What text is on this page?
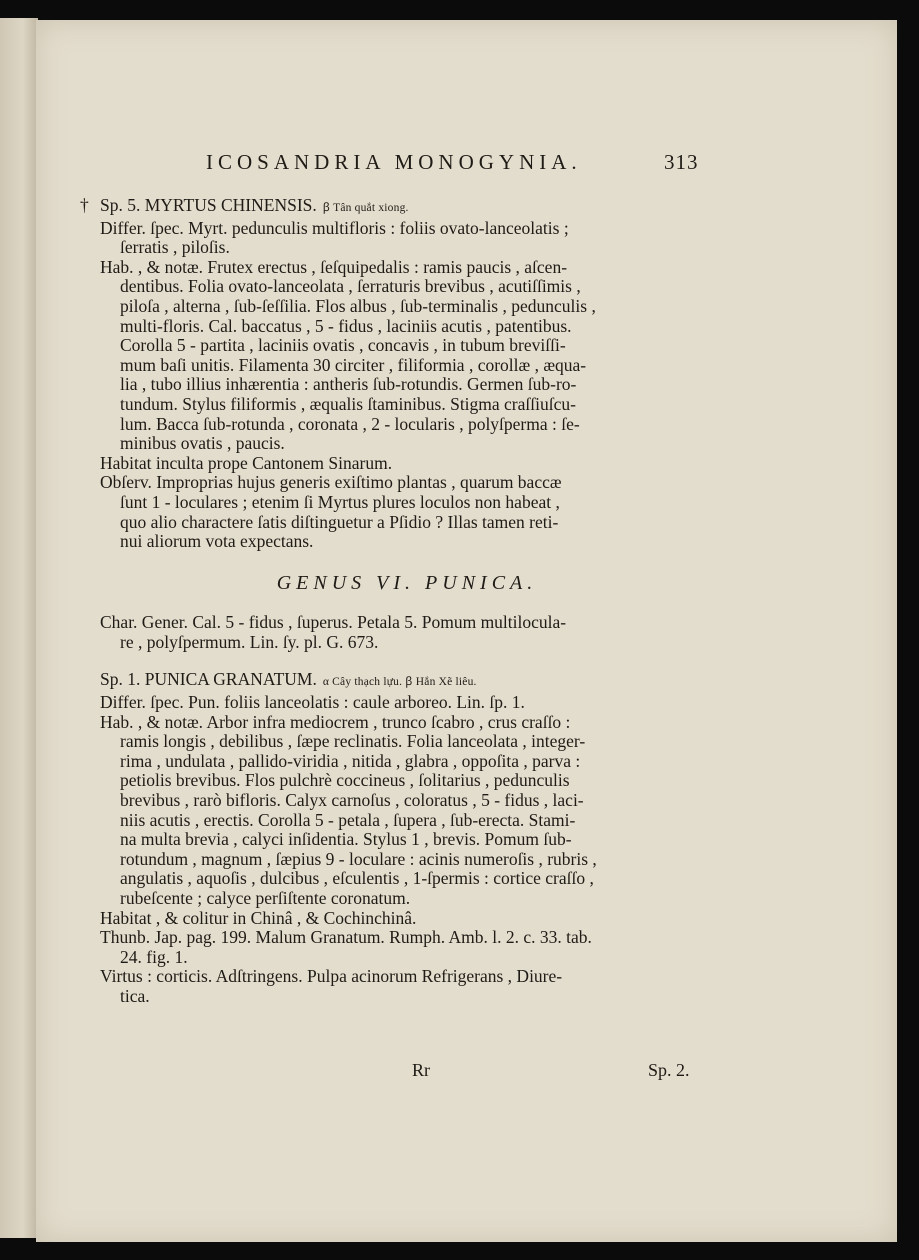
ICOSANDRIA MONOGYNIA.	313
† Sp. 5. MYRTUS CHINENSIS. ꞵ Tân quắt xiong.
Differ. ſpec. Myrt. pedunculis multifloris : foliis ovato-lanceolatis ;
ſerratis , piloſis.
Hab. , & notæ. Frutex erectus , ſeſquipedalis : ramis paucis , aſcen-
dentibus. Folia ovato-lanceolata , ſerraturis brevibus , acutiſſimis ,
piloſa , alterna , ſub-ſeſſilia. Flos albus , ſub-terminalis , pedunculis ,
multi-floris. Cal. baccatus , 5 - fidus , laciniis acutis , patentibus.
Corolla 5 - partita , laciniis ovatis , concavis , in tubum breviſſi-
mum baſi unitis. Filamenta 30 circiter , filiformia , corollæ , æqua-
lia , tubo illius inhærentia : antheris ſub-rotundis. Germen ſub-ro-
tundum. Stylus filiformis , æqualis ſtaminibus. Stigma craſſiuſcu-
lum. Bacca ſub-rotunda , coronata , 2 - locularis , polyſperma : ſe-
minibus ovatis , paucis.
Habitat inculta prope Cantonem Sinarum.
Obſerv. Improprias hujus generis exiſtimo plantas , quarum baccæ
ſunt 1 - loculares ; etenim ſi Myrtus plures loculos non habeat ,
quo alio charactere ſatis diſtinguetur a Pſidio ? Illas tamen reti-
nui aliorum vota expectans.
GENUS VI. PUNICA.
Char. Gener. Cal. 5 - fidus , ſuperus. Petala 5. Pomum multilocula-
re , polyſpermum. Lin. ſy. pl. G. 673.
Sp. 1. PUNICA GRANATUM. α Cây thạch lựu. ꞵ Hắn Xẽ liêu.
Differ. ſpec. Pun. foliis lanceolatis : caule arboreo. Lin. ſp. 1.
Hab. , & notæ. Arbor infra mediocrem , trunco ſcabro , crus craſſo :
ramis longis , debilibus , ſæpe reclinatis. Folia lanceolata , integer-
rima , undulata , pallido-viridia , nitida , glabra , oppoſita , parva :
petiolis brevibus. Flos pulchrè coccineus , ſolitarius , pedunculis
brevibus , rarò bifloris. Calyx carnoſus , coloratus , 5 - fidus , laci-
niis acutis , erectis. Corolla 5 - petala , ſupera , ſub-erecta. Stami-
na multa brevia , calyci inſidentia. Stylus 1 , brevis. Pomum ſub-
rotundum , magnum , ſæpius 9 - loculare : acinis numeroſis , rubris ,
angulatis , aquoſis , dulcibus , eſculentis , 1-ſpermis : cortice craſſo ,
rubeſcente ; calyce perſiſtente coronatum.
Habitat , & colitur in Chinâ , & Cochinchinâ.
Thunb. Jap. pag. 199. Malum Granatum. Rumph. Amb. l. 2. c. 33. tab.
24. fig. 1.
Virtus : corticis. Adſtringens. Pulpa acinorum Refrigerans , Diure-
tica.
Rr	Sp. 2.
